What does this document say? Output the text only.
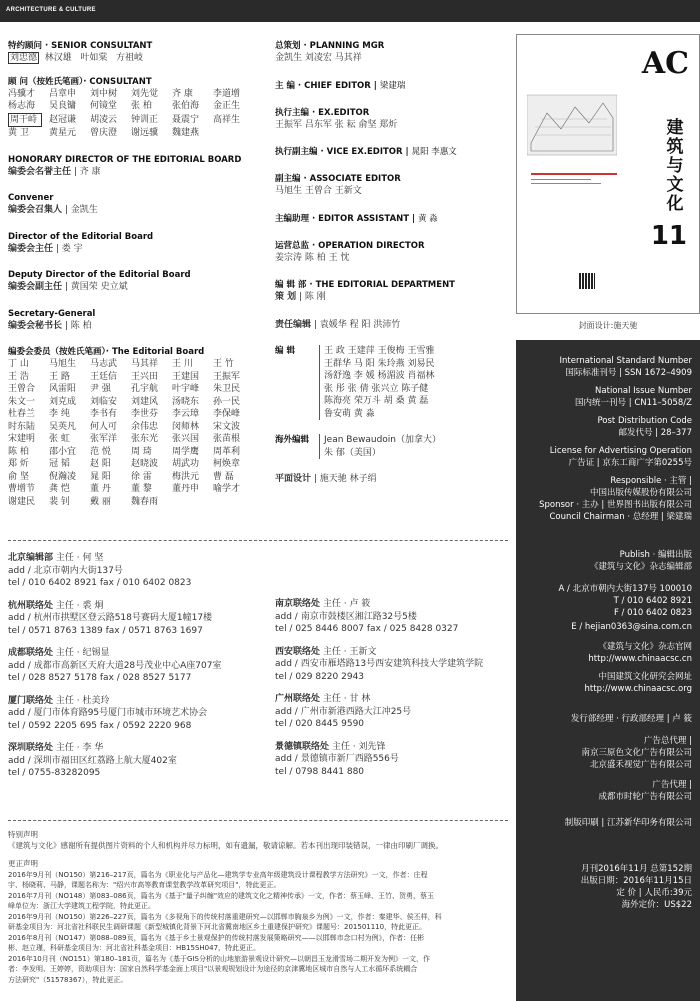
ARCHITECTURE & CULTURE
特约顾问 · SENIOR CONSULTANT
刘忠德 林汉雄 叶如棠 方祖岐
顾 问（按姓氏笔画）· CONSULTANT
冯骥才 吕章申 刘中树 刘先觉 齐 康 李道增
杨志海 吴良镛 何镜堂 张 柏 张伯海 金正生
周干峙 赵冠谦 胡凌云 钟训正 聂震宁 高祥生
黄 卫 黄星元 曾庆澄 谢远骥 魏建燕
HONORARY DIRECTOR OF THE EDITORIAL BOARD
编委会名誉主任 | 齐 康
Convener
编委会召集人 | 金凯生
Director of the Editorial Board
编委会主任 | 娄 宇
Deputy Director of the Editorial Board
编委会副主任 | 黄国荣 史立斌
Secretary-General
编委会秘书长 | 陈 柏
编委会委员（按姓氏笔画）· The Editorial Board
丁 山 马旭生 马志武 马其祥 王 川 王 竹
王 浩 王 路 王廷信 王兴田 王建国 王振军
王曾合 风雷阳 尹 强 孔宇航 叶宇峰 朱卫民
朱文一 刘克成 刘临安 刘建风 汤晓东 孙一民
杜春兰 李 纯 李书有 李世芬 李云璋 李保峰
时东陆 吴英凡 何人可 余伟忠 闵师林 宋文波
宋建明 张 虹 张军洋 张东光 张兴国 张苗根
陈 柏 邵小宜 范 悦 周 琦 周学鹰 周革利
郑 炘 冠 韬 赵 阳 赵晓波 胡武功 柯焕章
俞 坚 倪瀚凌 晁 阳 徐 雷 梅洪元 曹 磊
曹增节 龚 恺 董 丹 董 黎 董丹申 喻学才
谢建民 裴 钊 戴 丽 魏春雨
总策划 · PLANNING MGR
金凯生 刘凌宏 马其祥
主 编 · CHIEF EDITOR | 梁建瑞
执行主编 · EX.EDITOR
王振军 吕东军 张 耘 俞坚 郑炘
执行副主编 · VICE EX.EDITOR | 晁阳 李惠文
副主编 · ASSOCIATE EDITOR
马旭生 王曾合 王新文
主编助理 · EDITOR ASSISTANT | 黄 淼
运营总监 · OPERATION DIRECTOR
姜宗涛 陈 柏 王 忱
编 辑 部 · THE EDITORIAL DEPARTMENT
策 划 | 陈 刚
责任编辑 | 袁媛华 程 阳 洪沛竹
编 辑	王 政 王建萍 王俊梅 王雪雅
王群华 马 阳 朱玲燕 刘易民
汤舒逸 李 媛 杨湄波 肖福林
张 彤 张 倩 张兴立 陈子健
陈海亮 荣万斗 胡 桑 黄 磊
鲁安萌 黄 淼
海外编辑 Jean Bewaudoin（加拿大）
朱 郁（美国）
平面设计 | 施天驰 林子绢
北京编辑部 主任 · 何 坚
add / 北京市朝内大街137号
tel / 010 6402 8921 fax / 010 6402 0823
杭州联络处 主任 · 裘 炯
add / 杭州市拱墅区登云路518号赛码大厦1幢17楼
tel / 0571 8763 1389 fax / 0571 8763 1697
成都联络处 主任 · 纪锡显
add / 成都市高新区天府大道28号茂业中心A座707室
tel / 028 8527 5178 fax / 028 8527 5177
厦门联络处 主任 · 杜美玲
add / 厦门市体育路95号厦门市城市环境艺术协会
tel / 0592 2205 695 fax / 0592 2220 968
深圳联络处 主任 · 李 华
add / 深圳市福田区红荔路上航大厦402室
tel / 0755-83282095
南京联络处 主任 · 卢 筱
add / 南京市鼓楼区湘江路32号5楼
tel / 025 8446 8007 fax / 025 8428 0327
西安联络处 主任 · 王新文
add / 西安市雁塔路13号西安建筑科技大学建筑学院
tel / 029 8220 2943
广州联络处 主任 · 甘 林
add / 广州市新港西路大江冲25号
tel / 020 8445 9590
景德镇联络处 主任 · 刘先锋
add / 景德镇市新厂西路556号
tel / 0798 8441 880
特别声明
《建筑与文化》感谢所有提供图片资料的个人和机构并尽力标明，如有遗漏，敬请谅解。若本刊出现印装错误，一律由印刷厂调换。
更正声明
2016年9月刊（NO150）第216–217页，篇名为《职业化与产品化—建筑学专业高年级建筑设计课程教学方法研究》一文，作者：庄程
宇、杨晓莉、马静，课题名称为："绍兴市高等教育课堂教学改革研究项目"，特此更正。
2016年7月刊（NO148）第083–086页，篇名为《基于"量子纠缠"效应的建筑文化之精神传承》一文，作者：蔡玉峰、王竹、贺勇，蔡玉
峰单位为：浙江大学建筑工程学院，特此更正。
2016年9月刊（NO150）第226–227页，篇名为《多视角下的传统村落重建研究—以邯郸市胸泉乡为例》一文，作者：秦建华、侯丕样，科
研基金项目为：河北省社科联民生调研课题《新型城镇化背景下河北省冀南地区乡土重建保护研究》课题号：201501110，特此更正。
2016年8月刊（NO147）第088–089页，篇名为《基于乡土景观保护的传统村落发展策略研究——以邯郸市念口村为例》，作者：任彬
彬、赵立瑾，科研基金项目为：河北省社科基金项目：HB15SH047，特此更正。
2016年10月刊（NO151）第180–181页，篇名为《基于GIS分析的山地旅游景观设计研究—以朝昌玉龙滑雪场二期开发为例》一文，作
者：李发明、王婷婷，资助项目为：国家自然科学基金面上项目"以景观规划设计为途径的京津冀地区城市自然与人工水循环系统耦合
方法研究"（51578367），特此更正。
AC
建筑与文化
11
封面设计:施天驰
International Standard Number
国际标准刊号 | SSN 1672–4909
National Issue Number
国内统一刊号 | CN11–5058/Z
Post Distribution Code
邮发代号 | 28–377
License for Advertising Operation
广告证 | 京东工商广字第0255号
Responsible · 主管 |
中国出版传媒股份有限公司
Sponsor · 主办 | 世界图书出版有限公司
Council Chairman · 总经理 | 梁建瑞
Publish · 编辑出版
《建筑与文化》杂志编辑部
A / 北京市朝内大街137号 100010
T / 010 6402 8921
F / 010 6402 0823
E / hejian0363@sina.com.cn
《建筑与文化》杂志官网
http://www.chinaacsc.cn
中国建筑文化研究会网址
http://www.chinaacsc.org
发行部经理 · 行政部经理 | 卢 筱
广告总代理 |
南京三原色文化广告有限公司
北京盛禾视觉广告有限公司
广告代理 |
成都市时轮广告有限公司
制版印刷 | 江苏新华印务有限公司
月刊2016年11月 总第152期
出版日期：2016年11月15日
定 价 | 人民币:39元
海外定价：US$22
